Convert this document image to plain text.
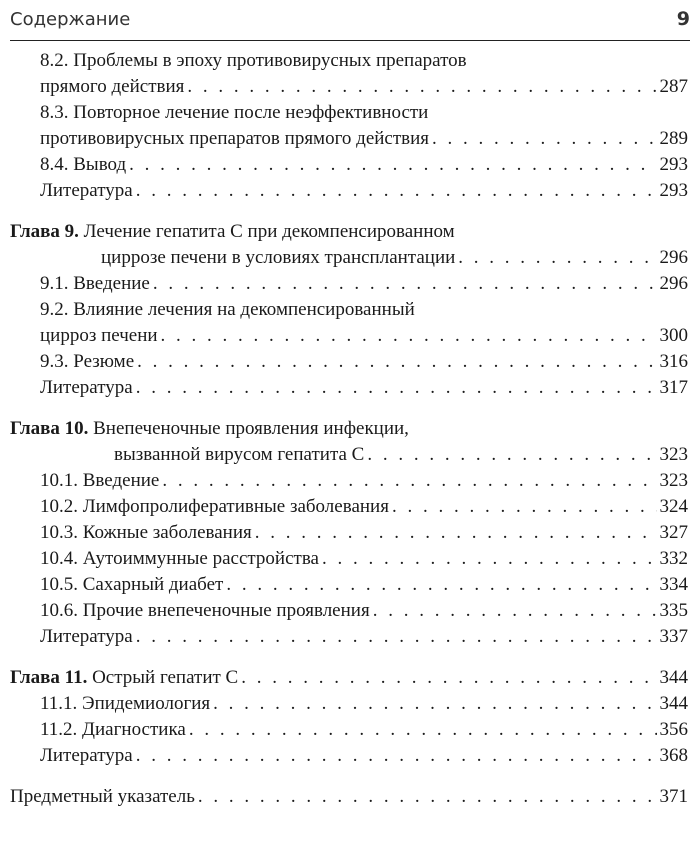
Содержание	9
8.2. Проблемы в эпоху противовирусных препаратов
прямого действия . . .	287
8.3. Повторное лечение после неэффективности
противовирусных препаратов прямого действия . . .	289
8.4. Вывод . . .	293
Литература . . .	293
Глава 9. Лечение гепатита С при декомпенсированном
циррозе печени в условиях трансплантации . . .	296
9.1. Введение . . .	296
9.2. Влияние лечения на декомпенсированный
цирроз печени . . .	300
9.3. Резюме . . .	316
Литература . . .	317
Глава 10. Внепеченочные проявления инфекции,
вызванной вирусом гепатита С . . .	323
10.1. Введение . . .	323
10.2. Лимфопролиферативные заболевания . . .	324
10.3. Кожные заболевания . . .	327
10.4. Аутоиммунные расстройства . . .	332
10.5. Сахарный диабет . . .	334
10.6. Прочие внепеченочные проявления . . .	335
Литература . . .	337
Глава 11. Острый гепатит С . . .	344
11.1. Эпидемиология . . .	344
11.2. Диагностика . . .	356
Литература . . .	368
Предметный указатель . . .	371
